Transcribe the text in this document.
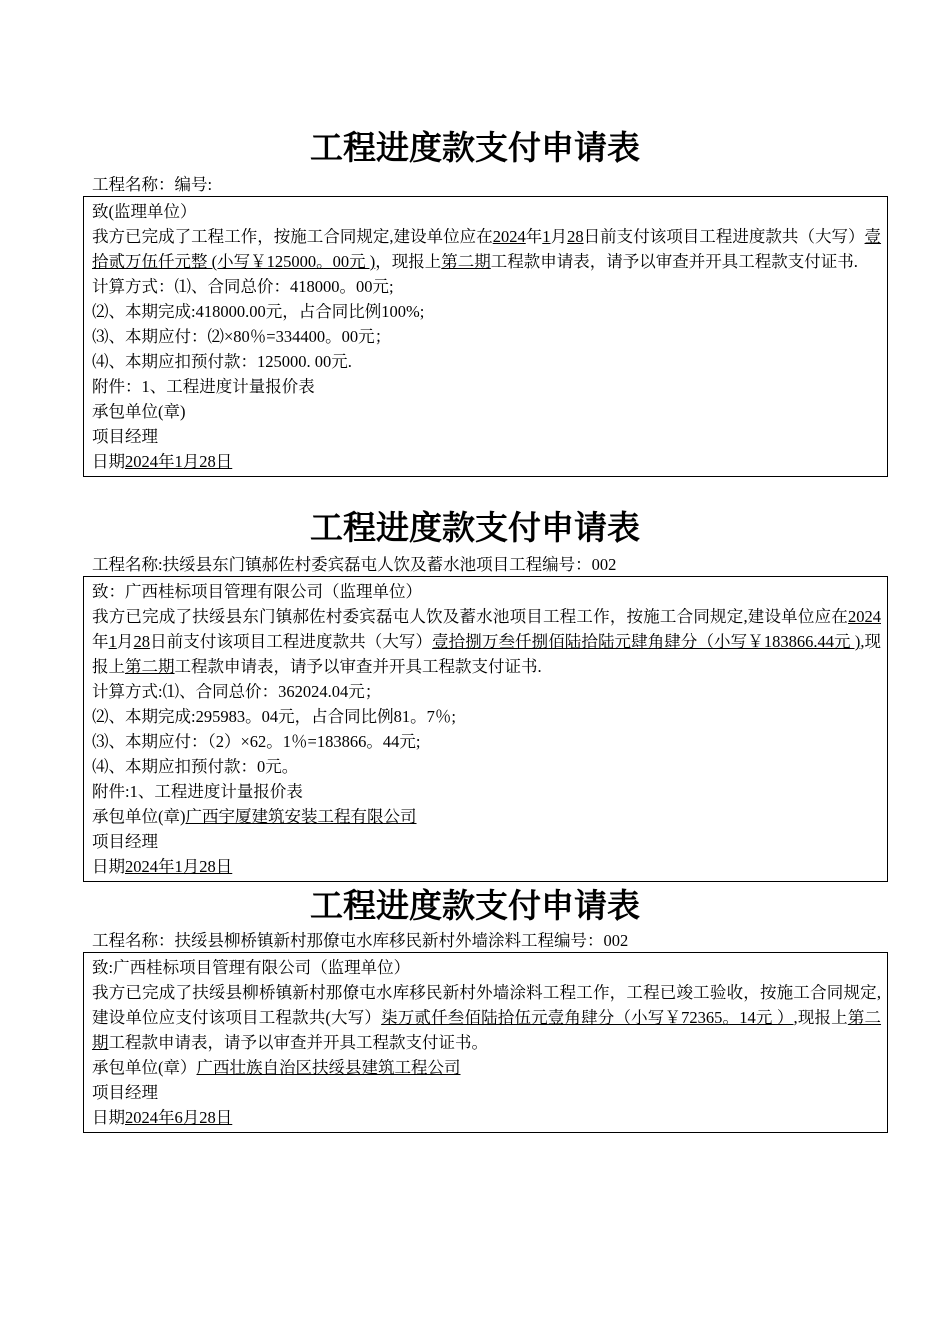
工程进度款支付申请表
工程名称：编号:
致(监理单位）
我方已完成了工程工作，按施工合同规定,建设单位应在2024年1月28日前支付该项目工程进度款共（大写）壹拾贰万伍仟元整 (小写￥125000。00元 )，现报上第二期工程款申请表，请予以审查并开具工程款支付证书.
计算方式：⑴、合同总价：418000。00元;
⑵、本期完成:418000.00元，占合同比例100%;
⑶、本期应付：⑵×80％=334400。00元；
⑷、本期应扣预付款：125000. 00元.
附件：1、工程进度计量报价表
承包单位(章)
项目经理
日期2024年1月28日
工程进度款支付申请表
工程名称:扶绥县东门镇郝佐村委宾磊屯人饮及蓄水池项目工程编号：002
致：广西桂标项目管理有限公司（监理单位）
我方已完成了扶绥县东门镇郝佐村委宾磊屯人饮及蓄水池项目工程工作，按施工合同规定,建设单位应在2024年1月28日前支付该项目工程进度款共（大写）壹拾捌万叁仟捌佰陆拾陆元肆角肆分（小写￥183866.44元 ),现报上第二期工程款申请表，请予以审查并开具工程款支付证书.
计算方式:⑴、合同总价：362024.04元；
⑵、本期完成:295983。04元，占合同比例81。7％;
⑶、本期应付：（2）×62。1％=183866。44元;
⑷、本期应扣预付款：0元。
附件:1、工程进度计量报价表
承包单位(章)广西宇厦建筑安装工程有限公司
项目经理
日期2024年1月28日
工程进度款支付申请表
工程名称：扶绥县柳桥镇新村那僚屯水库移民新村外墙涂料工程编号：002
致:广西桂标项目管理有限公司（监理单位）
我方已完成了扶绥县柳桥镇新村那僚屯水库移民新村外墙涂料工程工作，工程已竣工验收，按施工合同规定,建设单位应支付该项目工程款共(大写）柒万贰仟叁佰陆拾伍元壹角肆分（小写￥72365。14元 ）,现报上第二期工程款申请表，请予以审查并开具工程款支付证书。
承包单位(章）广西壮族自治区扶绥县建筑工程公司
项目经理
日期2024年6月28日
